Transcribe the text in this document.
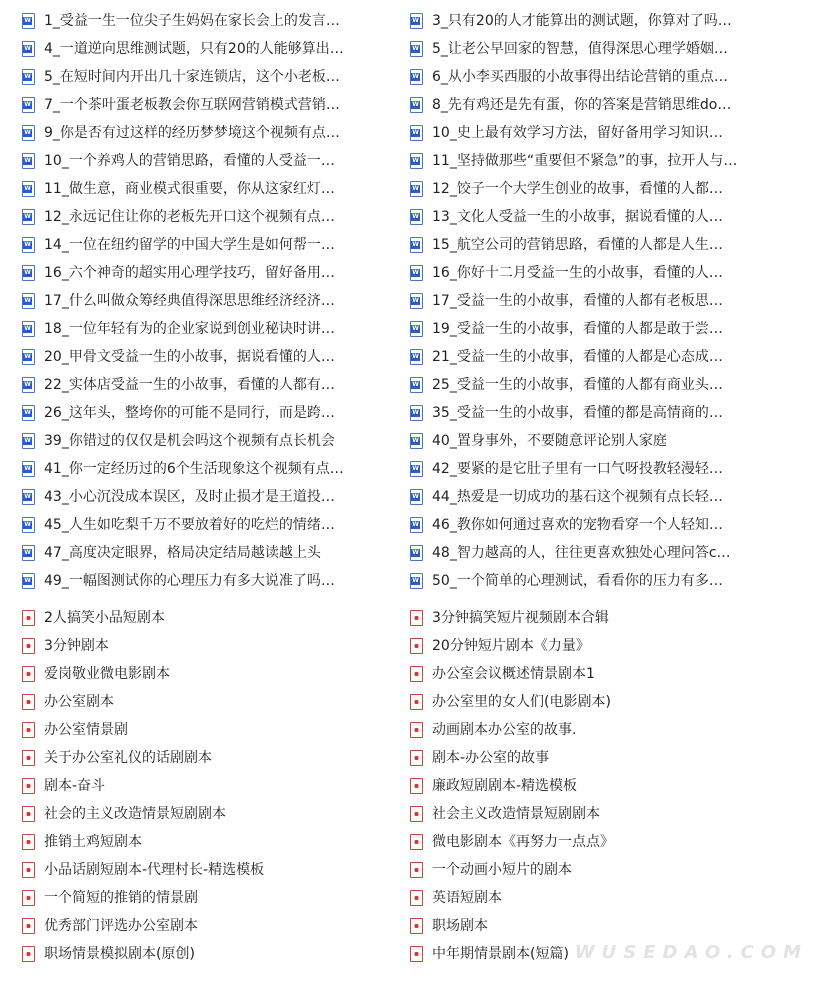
W
1_受益一生一位尖子生妈妈在家长会上的发言… W	3_只有20的人才能算出的测试题，你算对了吗…
W
4_一道逆向思维测试题，只有20的人能够算出… W	5_让老公早回家的智慧，值得深思心理学婚姻…
W
5_在短时间内开出几十家连锁店，这个小老板… W	6_从小李买西服的小故事得出结论营销的重点…
W
7_一个茶叶蛋老板教会你互联网营销模式营销… W	8_先有鸡还是先有蛋，你的答案是营销思维do…
W
9_你是否有过这样的经历梦梦境这个视频有点… W	10_史上最有效学习方法，留好备用学习知识…
W
10_一个养鸡人的营销思路，看懂的人受益一… W	11_坚持做那些“重要但不紧急”的事，拉开人与…
W
11_做生意，商业模式很重要，你从这家红灯… W	12_饺子一个大学生创业的故事，看懂的人都…
W
12_永远记住让你的老板先开口这个视频有点… W	13_文化人受益一生的小故事，据说看懂的人…
W
14_一位在纽约留学的中国大学生是如何帮一… W	15_航空公司的营销思路，看懂的人都是人生…
W
16_六个神奇的超实用心理学技巧，留好备用… W	16_你好十二月受益一生的小故事，看懂的人…
W
17_什么叫做众筹经典值得深思思维经济经济… W	17_受益一生的小故事，看懂的人都有老板思…
W
18_一位年轻有为的企业家说到创业秘诀时讲… W	19_受益一生的小故事，看懂的人都是敢于尝…
W
20_甲骨文受益一生的小故事，据说看懂的人… W	21_受益一生的小故事，看懂的人都是心态成…
W
22_实体店受益一生的小故事，看懂的人都有… W	25_受益一生的小故事，看懂的人都有商业头…
W
26_这年头，整垮你的可能不是同行，而是跨… W	35_受益一生的小故事，看懂的都是高情商的…
W
39_你错过的仅仅是机会吗这个视频有点长机会 W	40_置身事外，不要随意评论别人家庭
W
41_你一定经历过的6个生活现象这个视频有点… W	42_要紧的是它肚子里有一口气呀投教轻漫轻…
W
43_小心沉没成本误区，及时止损才是王道投… W	44_热爱是一切成功的基石这个视频有点长轻…
W
45_人生如吃梨千万不要放着好的吃烂的情绪… W	46_教你如何通过喜欢的宠物看穿一个人轻知…
W
47_高度决定眼界，格局决定结局越读越上头 W	48_智力越高的人，往往更喜欢独处心理问答c…
W
49_一幅图测试你的心理压力有多大说准了吗… W	50_一个简单的心理测试，看看你的压力有多…
2人搞笑小品短剧本	3分钟搞笑短片视频剧本合辑
3分钟剧本	20分钟短片剧本《力量》
爱岗敬业微电影剧本	办公室会议概述情景剧本1
办公室剧本	办公室里的女人们(电影剧本)
办公室情景剧	动画剧本办公室的故事.
关于办公室礼仪的话剧剧本	剧本-办公室的故事
剧本-奋斗	廉政短剧剧本-精选模板
社会的主义改造情景短剧剧本	社会主义改造情景短剧剧本
推销土鸡短剧本	微电影剧本《再努力一点点》
小品话剧短剧本-代理村长-精选模板	一个动画小短片的剧本
一个简短的推销的情景剧	英语短剧本
优秀部门评选办公室剧本	职场剧本
职场情景模拟剧本(原创)	中年期情景剧本(短篇) WUSEDAO.COM
